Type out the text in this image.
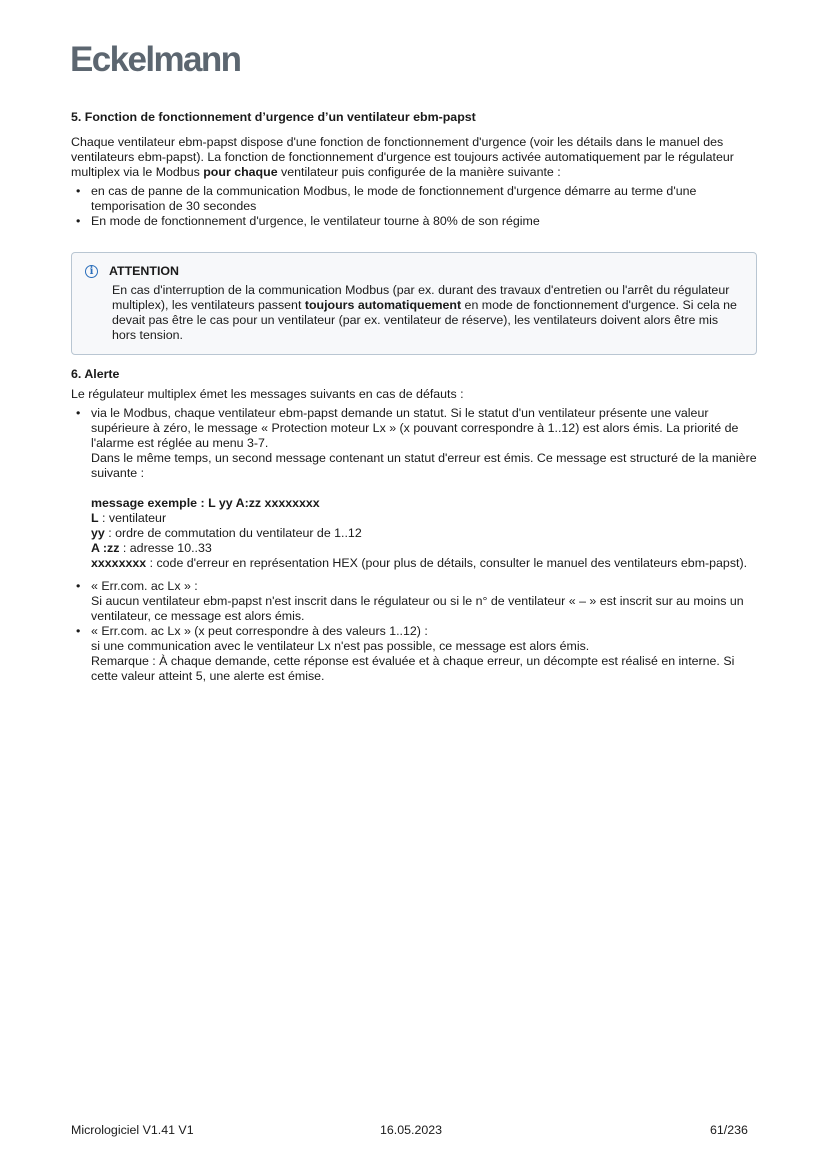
Eckelmann
5. Fonction de fonctionnement d’urgence d’un ventilateur ebm-papst

Chaque ventilateur ebm-papst dispose d'une fonction de fonctionnement d'urgence (voir les détails dans le manuel des ventilateurs ebm-papst). La fonction de fonctionnement d'urgence est toujours activée automatiquement par le régulateur multiplex via le Modbus pour chaque ventilateur puis configurée de la manière suivante :

• en cas de panne de la communication Modbus, le mode de fonctionnement d'urgence démarre au terme d'une temporisation de 30 secondes
• En mode de fonctionnement d'urgence, le ventilateur tourne à 80% de son régime
i	ATTENTION

En cas d'interruption de la communication Modbus (par ex. durant des travaux d'entretien ou l'arrêt du régulateur multiplex), les ventilateurs passent toujours automatiquement en mode de fonctionnement d'urgence. Si cela ne devait pas être le cas pour un ventilateur (par ex. ventilateur de réserve), les ventilateurs doivent alors être mis hors tension.

6. Alerte

Le régulateur multiplex émet les messages suivants en cas de défauts :

• via le Modbus, chaque ventilateur ebm-papst demande un statut. Si le statut d'un ventilateur présente une valeur supérieure à zéro, le message « Protection moteur Lx » (x pouvant correspondre à 1..12) est alors émis. La priorité de l'alarme est réglée au menu 3-7.

Dans le même temps, un second message contenant un statut d'erreur est émis. Ce message est structuré de la manière suivante :

message exemple : L yy A:zz xxxxxxxx

L : ventilateur

yy : ordre de commutation du ventilateur de 1..12

A :zz : adresse 10..33

xxxxxxxx : code d'erreur en représentation HEX (pour plus de détails, consulter le manuel des ventilateurs ebm-papst).

• « Err.com. ac Lx » :

Si aucun ventilateur ebm-papst n'est inscrit dans le régulateur ou si le n° de ventilateur « – » est inscrit sur au moins un ventilateur, ce message est alors émis.

• « Err.com. ac Lx » (x peut correspondre à des valeurs 1..12) :

si une communication avec le ventilateur Lx n'est pas possible, ce message est alors émis.

Remarque : À chaque demande, cette réponse est évaluée et à chaque erreur, un décompte est réalisé en interne. Si cette valeur atteint 5, une alerte est émise.

Micrologiciel V1.41 V1	16.05.2023	61/236
